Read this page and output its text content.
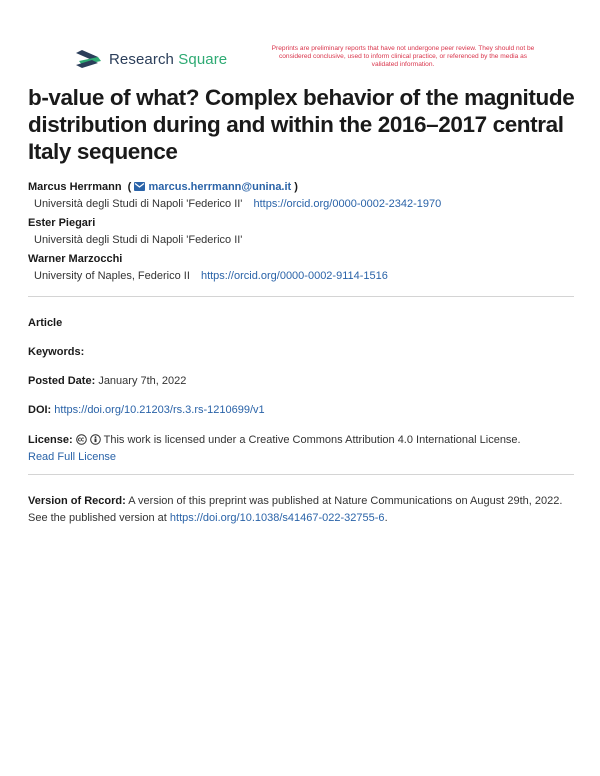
Research Square
Preprints are preliminary reports that have not undergone peer review. They should not be considered conclusive, used to inform clinical practice, or referenced by the media as validated information.
b-value of what? Complex behavior of the magnitude distribution during and within the 2016–2017 central Italy sequence
Marcus Herrmann  (  marcus.herrmann@unina.it )
Università degli Studi di Napoli 'Federico II' https://orcid.org/0000-0002-2342-1970
Ester Piegari
Università degli Studi di Napoli 'Federico II'
Warner Marzocchi
University of Naples, Federico II https://orcid.org/0000-0002-9114-1516
Article
Keywords:
Posted Date: January 7th, 2022
DOI: https://doi.org/10.21203/rs.3.rs-1210699/v1
License:	This work is licensed under a Creative Commons Attribution 4.0 International License.
Read Full License
Version of Record: A version of this preprint was published at Nature Communications on August 29th, 2022. See the published version at https://doi.org/10.1038/s41467-022-32755-6.
